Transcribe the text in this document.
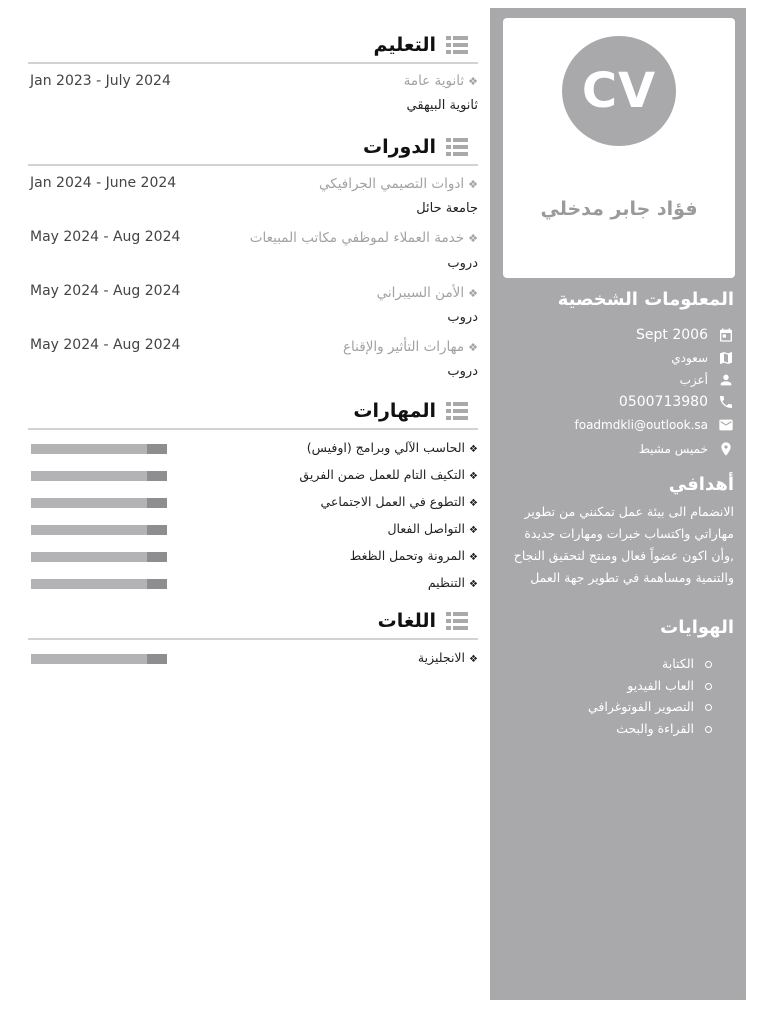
CV
فؤاد جابر مدخلي
المعلومات الشخصية
Sept 2006
سعودي
أعزب
0500713980
foadmdkli@outlook.sa
خميس مشيط
أهدافي

الانضمام الى بيئة عمل تمكنني من تطوير مهاراتي واكتساب خبرات ومهارات جديدة ,وأن اكون عضواً فعال ومنتج لتحقيق النجاح والتنمية ومساهمة في تطوير جهة العمل

الهوايات
الكتابة
العاب الفيديو
التصوير الفوتوغرافي
القراءة والبحث
التعليم
❖ ثانوية عامة
Jan 2023 - July 2024
ثانوية البيهقي
الدورات
❖ ادوات التصيمي الجرافيكي
Jan 2024 - June 2024
جامعة حائل
❖ خدمة العملاء لموظفي مكاتب المبيعات
May 2024 - Aug 2024
دروب
❖ الأمن السيبراني
May 2024 - Aug 2024
دروب
❖ مهارات التأثير والإقناع
May 2024 - Aug 2024
دروب
المهارات
❖ الحاسب الآلي وبرامج (اوفيس)
❖ التكيف التام للعمل ضمن الفريق
❖ التطوع في العمل الاجتماعي
❖ التواصل الفعال
❖ المرونة وتحمل الظغط
❖ التنظيم
اللغات
❖ الانجليزية
